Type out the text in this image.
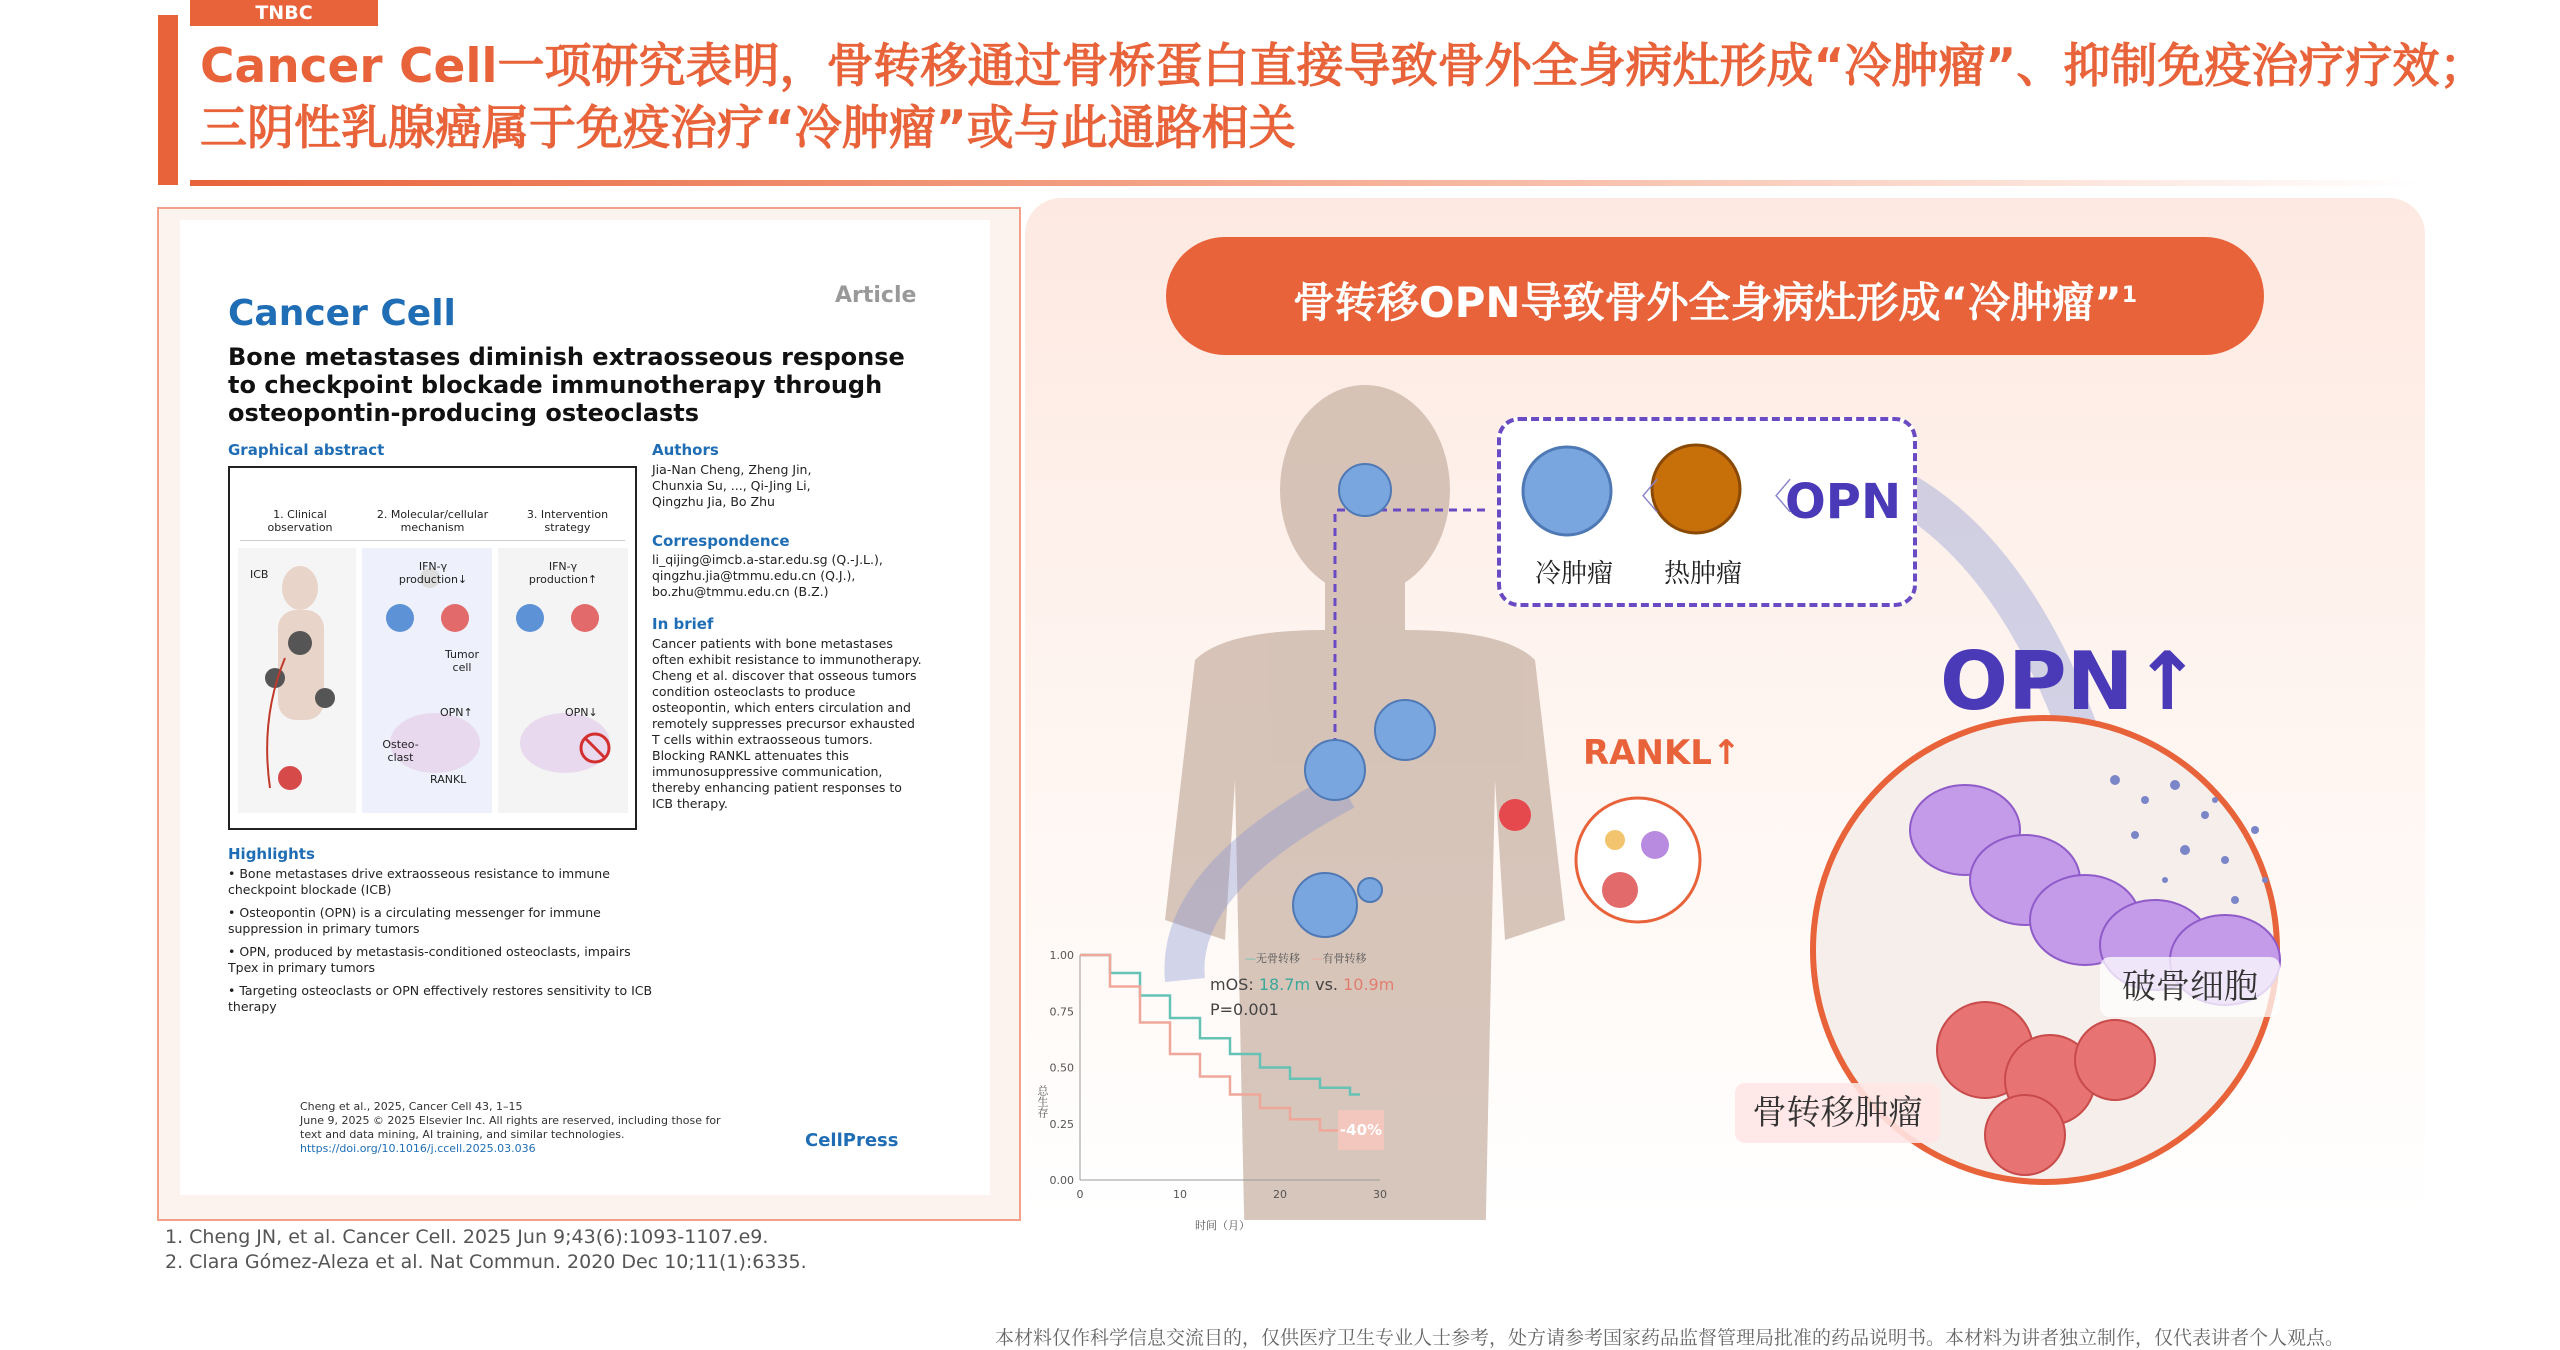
TNBC
Cancer Cell一项研究表明，骨转移通过骨桥蛋白直接导致骨外全身病灶形成“冷肿瘤”、抑制免疫治疗疗效；三阴性乳腺癌属于免疫治疗“冷肿瘤”或与此通路相关
Cancer Cell	Article
Bone metastases diminish extraosseous response to checkpoint blockade immunotherapy through osteopontin-producing osteoclasts
Graphical abstract
1. Clinical observation
2. Molecular/cellular mechanism
3. Intervention strategy
ICB
IFN-γ production↓
IFN-γ production↑
Tumor cell
OPN↑	OPN↓
Osteo-clast
RANKL
Authors
Jia-Nan Cheng, Zheng Jin, Chunxia Su, ..., Qi-Jing Li, Qingzhu Jia, Bo Zhu
Correspondence
li_qijing@imcb.a-star.edu.sg (Q.-J.L.), qingzhu.jia@tmmu.edu.cn (Q.J.), bo.zhu@tmmu.edu.cn (B.Z.)
In brief
Cancer patients with bone metastases often exhibit resistance to immunotherapy. Cheng et al. discover that osseous tumors condition osteoclasts to produce osteopontin, which enters circulation and remotely suppresses precursor exhausted T cells within extraosseous tumors. Blocking RANKL attenuates this immunosuppressive communication, thereby enhancing patient responses to ICB therapy.
Highlights
• Bone metastases drive extraosseous resistance to immune checkpoint blockade (ICB)
• Osteopontin (OPN) is a circulating messenger for immune suppression in primary tumors
• OPN, produced by metastasis-conditioned osteoclasts, impairs Tpex in primary tumors
• Targeting osteoclasts or OPN effectively restores sensitivity to ICB therapy
Cheng et al., 2025, Cancer Cell 43, 1–15
June 9, 2025 © 2025 Elsevier Inc. All rights are reserved, including those for text and data mining, AI training, and similar technologies.
https://doi.org/10.1016/j.ccell.2025.03.036	CellPress
骨转移OPN导致骨外全身病灶形成“冷肿瘤”$^1$
〈	〈
冷肿瘤 热肿瘤
OPN
OPN↑
RANKL↑
破骨细胞
骨转移肿瘤
1.00
0.75
0.50
0.25
0.00
0	10	20	30
—无骨转移 —有骨转移
mOS: 18.7m vs. 10.9m
P=0.001
-40%
总生存
时间（月）
1. Cheng JN, et al. Cancer Cell. 2025 Jun 9;43(6):1093-1107.e9.
2. Clara Gómez-Aleza et al. Nat Commun. 2020 Dec 10;11(1):6335.
本材料仅作科学信息交流目的，仅供医疗卫生专业人士参考，处方请参考国家药品监督管理局批准的药品说明书。本材料为讲者独立制作，仅代表讲者个人观点。
